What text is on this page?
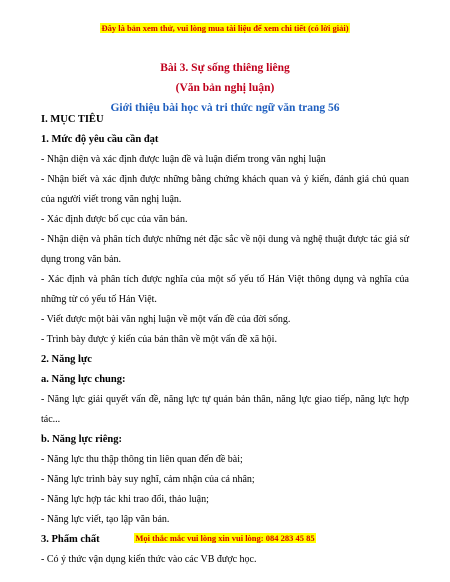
Đây là bản xem thử, vui lòng mua tài liệu để xem chi tiết (có lời giải)
Bài 3. Sự sống thiêng liêng
(Văn bản nghị luận)
Giới thiệu bài học và tri thức ngữ văn trang 56

I. MỤC TIÊU

1. Mức độ yêu cầu cần đạt

- Nhận diện và xác định được luận đề và luận điểm trong văn nghị luận

- Nhận biết và xác định được những bằng chứng khách quan và ý kiến, đánh giá chủ quan của người viết trong văn nghị luận.

- Xác định được bố cục của văn bản.

- Nhận diện và phân tích được những nét đặc sắc về nội dung và nghệ thuật được tác giả sử dụng trong văn bản.

- Xác định và phân tích được nghĩa của một số yếu tố Hán Việt thông dụng và nghĩa của những từ có yếu tố Hán Việt.

- Viết được một bài văn nghị luận về một vấn đề của đời sống.

- Trình bày được ý kiến của bản thân về một vấn đề xã hội.

2. Năng lực

a. Năng lực chung:

- Năng lực giải quyết vấn đề, năng lực tự quản bản thân, năng lực giao tiếp, năng lực hợp tác...

b. Năng lực riêng:

- Năng lực thu thập thông tin liên quan đến đề bài;

- Năng lực trình bày suy nghĩ, cảm nhận của cá nhân;

- Năng lực hợp tác khi trao đổi, thảo luận;

- Năng lực viết, tạo lập văn bản.

3. Phẩm chất

- Có ý thức vận dụng kiến thức vào các VB được học.

Mọi thắc mắc vui lòng xin vui lòng: 084 283 45 85
